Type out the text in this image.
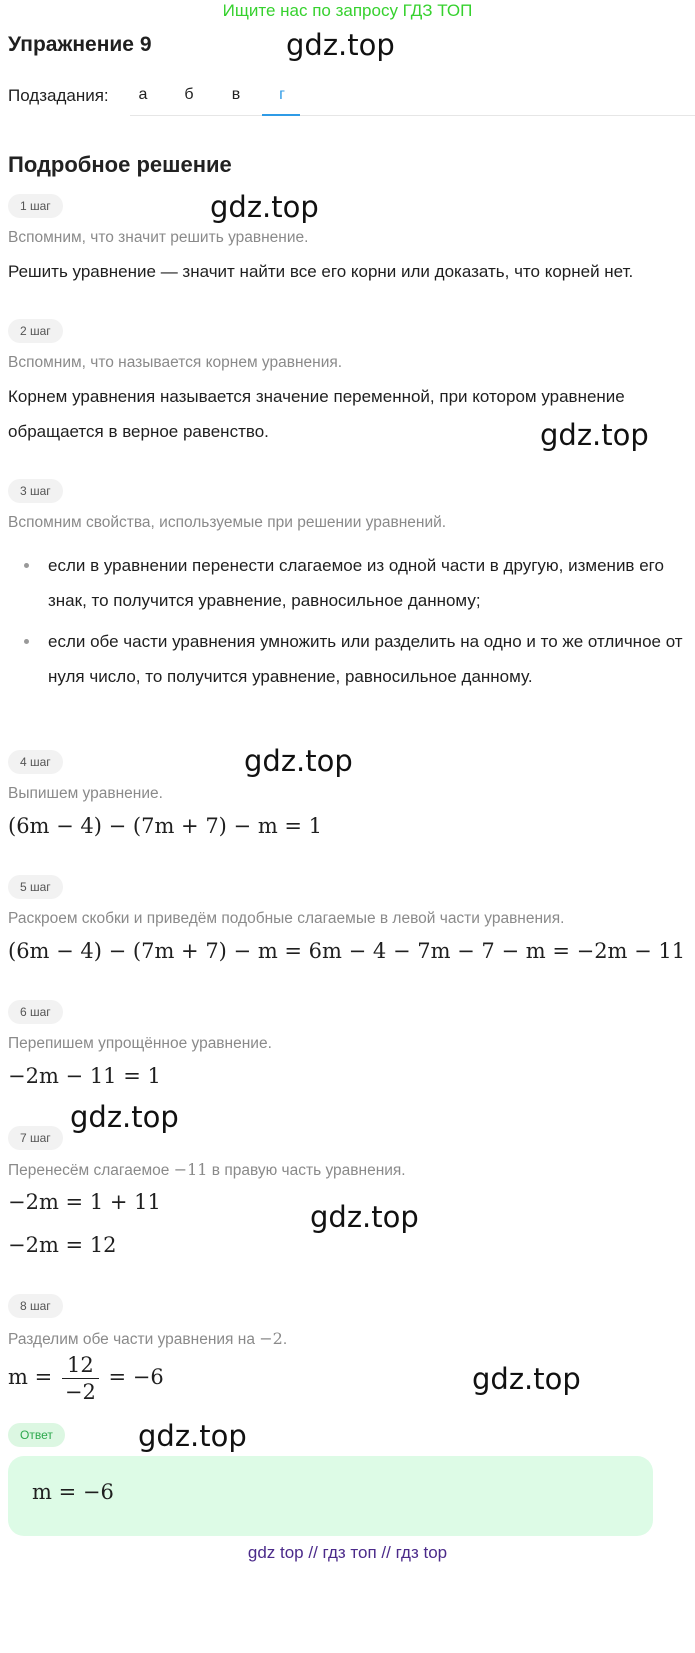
Ищите нас по запросу ГДЗ ТОП
Упражнение 9	gdz.top
Подзадания:	а	б	в	г
Подробное решение
1 шаг	gdz.top
Вспомним, что значит решить уравнение.
Решить уравнение — значит найти все его корни или доказать, что корней нет.
2 шаг
Вспомним, что называется корнем уравнения.
Корнем уравнения называется значение переменной, при котором уравнение обращается в верное равенство.	gdz.top
3 шаг
Вспомним свойства, используемые при решении уравнений.
если в уравнении перенести слагаемое из одной части в другую, изменив его знак, то получится уравнение, равносильное данному;
если обе части уравнения умножить или разделить на одно и то же отличное от нуля число, то получится уравнение, равносильное данному.
4 шаг	gdz.top
Выпишем уравнение.
(6m − 4) − (7m + 7) − m = 1
5 шаг
Раскроем скобки и приведём подобные слагаемые в левой части уравнения.
(6m − 4) − (7m + 7) − m = 6m − 4 − 7m − 7 − m = −2m − 11
6 шаг
Перепишем упрощённое уравнение.
−2m − 11 = 1
gdz.top
7 шаг
Перенесём слагаемое −11 в правую часть уравнения.
−2m = 1 + 11	gdz.top
−2m = 12
8 шаг
Разделим обе части уравнения на −2.
$m = \frac{12}{-2} = -6$	gdz.top
Ответ	gdz.top
m = −6
gdz top // гдз топ // гдз top
